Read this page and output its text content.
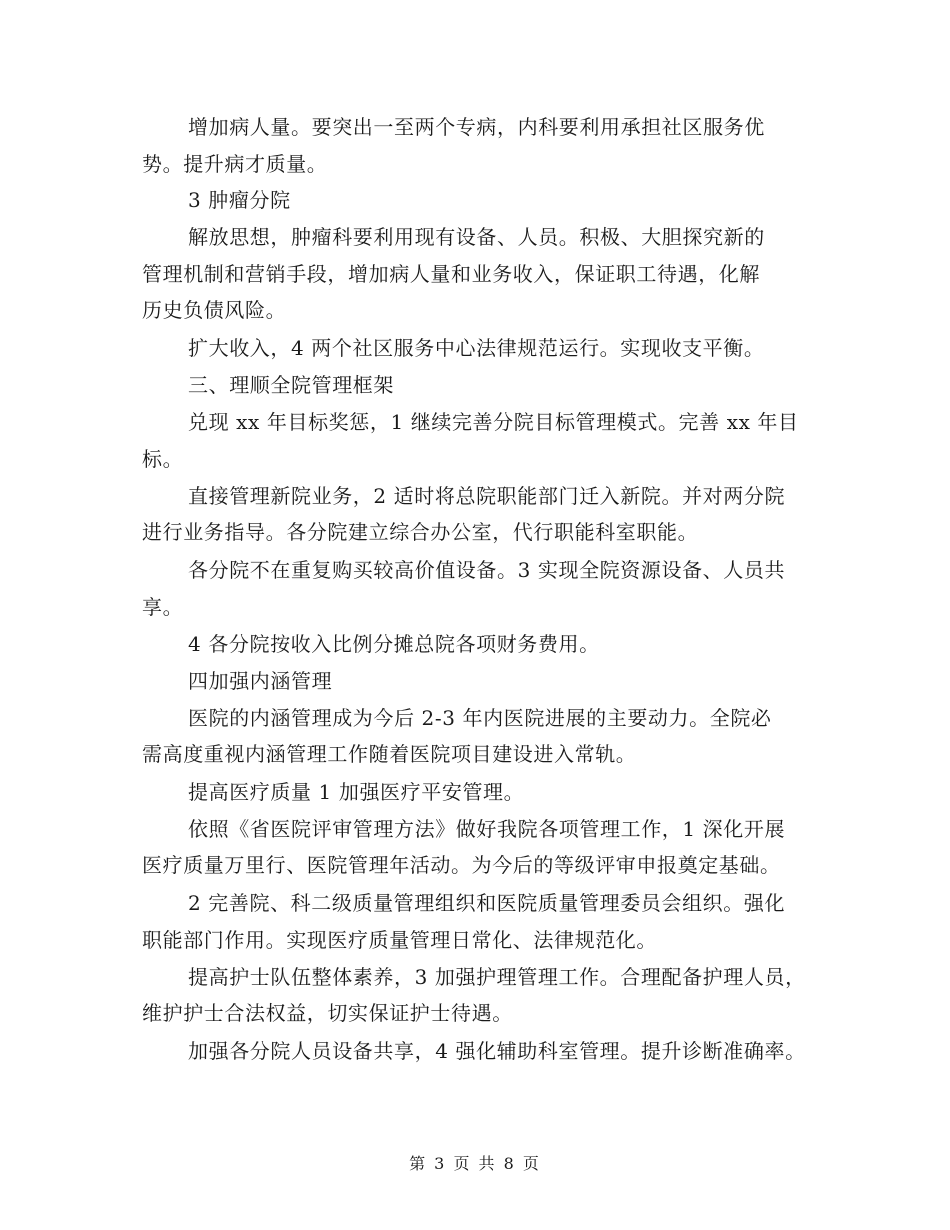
增加病人量。要突出一至两个专病，内科要利用承担社区服务优
势。提升病才质量。
3 肿瘤分院
解放思想，肿瘤科要利用现有设备、人员。积极、大胆探究新的
管理机制和营销手段，增加病人量和业务收入，保证职工待遇，化解
历史负债风险。
扩大收入，4 两个社区服务中心法律规范运行。实现收支平衡。
三、理顺全院管理框架
兑现 xx 年目标奖惩，1 继续完善分院目标管理模式。完善 xx 年目
标。
直接管理新院业务，2 适时将总院职能部门迁入新院。并对两分院
进行业务指导。各分院建立综合办公室，代行职能科室职能。
各分院不在重复购买较高价值设备。3 实现全院资源设备、人员共
享。
4 各分院按收入比例分摊总院各项财务费用。
四加强内涵管理
医院的内涵管理成为今后 2-3 年内医院进展的主要动力。全院必
需高度重视内涵管理工作随着医院项目建设进入常轨。
提高医疗质量 1 加强医疗平安管理。
依照《省医院评审管理方法》做好我院各项管理工作，1 深化开展
医疗质量万里行、医院管理年活动。为今后的等级评审申报奠定基础。
2 完善院、科二级质量管理组织和医院质量管理委员会组织。强化
职能部门作用。实现医疗质量管理日常化、法律规范化。
提高护士队伍整体素养，3 加强护理管理工作。合理配备护理人员，
维护护士合法权益，切实保证护士待遇。
加强各分院人员设备共享，4 强化辅助科室管理。提升诊断准确率。
第 3 页 共 8 页
